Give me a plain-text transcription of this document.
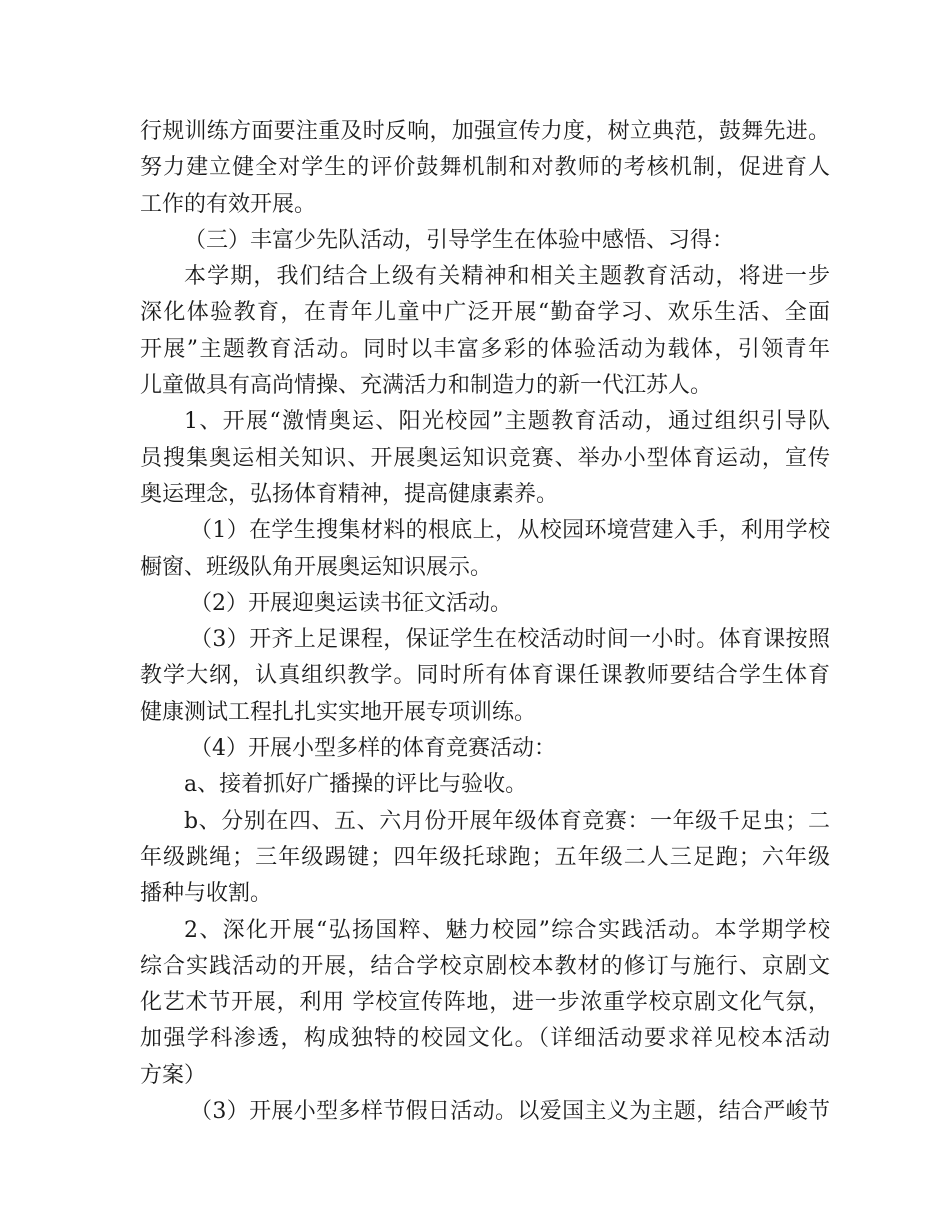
行规训练方面要注重及时反响，加强宣传力度，树立典范，鼓舞先进。
努力建立健全对学生的评价鼓舞机制和对教师的考核机制，促进育人
工作的有效开展。
（三）丰富少先队活动，引导学生在体验中感悟、习得：
本学期，我们结合上级有关精神和相关主题教育活动，将进一步
深化体验教育，在青年儿童中广泛开展“勤奋学习、欢乐生活、全面
开展”主题教育活动。同时以丰富多彩的体验活动为载体，引领青年
儿童做具有高尚情操、充满活力和制造力的新一代江苏人。
1、开展“激情奥运、阳光校园”主题教育活动，通过组织引导队
员搜集奥运相关知识、开展奥运知识竞赛、举办小型体育运动，宣传
奥运理念，弘扬体育精神，提高健康素养。
（1）在学生搜集材料的根底上，从校园环境营建入手，利用学校
橱窗、班级队角开展奥运知识展示。
（2）开展迎奥运读书征文活动。
（3）开齐上足课程，保证学生在校活动时间一小时。体育课按照
教学大纲，认真组织教学。同时所有体育课任课教师要结合学生体育
健康测试工程扎扎实实地开展专项训练。
（4）开展小型多样的体育竞赛活动：
a、接着抓好广播操的评比与验收。
b、分别在四、五、六月份开展年级体育竞赛：一年级千足虫；二
年级跳绳；三年级踢键；四年级托球跑；五年级二人三足跑；六年级
播种与收割。
2、深化开展“弘扬国粹、魅力校园”综合实践活动。本学期学校
综合实践活动的开展，结合学校京剧校本教材的修订与施行、京剧文
化艺术节开展，利用 学校宣传阵地，进一步浓重学校京剧文化气氛，
加强学科渗透，构成独特的校园文化。（详细活动要求祥见校本活动
方案）
（3）开展小型多样节假日活动。以爱国主义为主题，结合严峻节
